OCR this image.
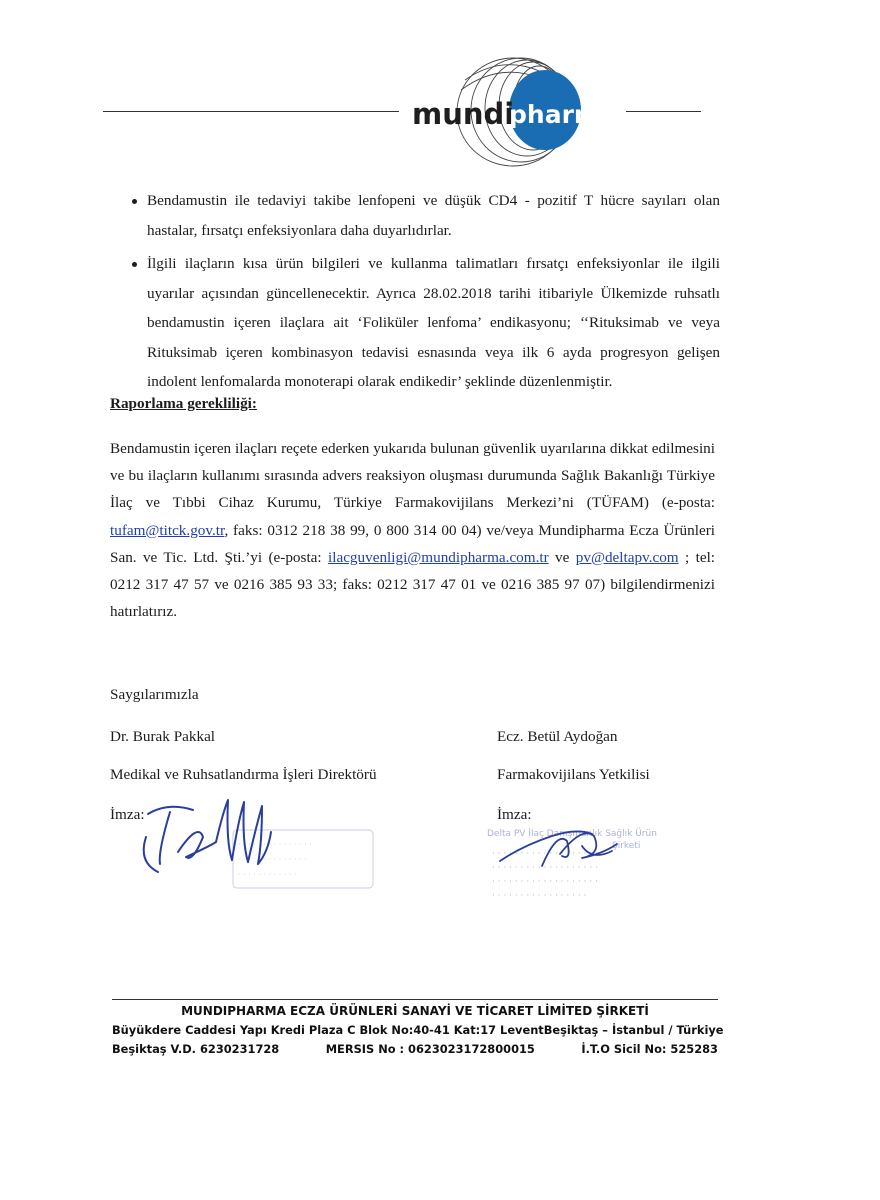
mundi
pharma
Bendamustin ile tedaviyi takibe lenfopeni ve düşük CD4 - pozitif T hücre sayıları olan hastalar, fırsatçı enfeksiyonlara daha duyarlıdırlar.
İlgili ilaçların kısa ürün bilgileri ve kullanma talimatları fırsatçı enfeksiyonlar ile ilgili uyarılar açısından güncellenecektir. Ayrıca 28.02.2018 tarihi itibariyle Ülkemizde ruhsatlı bendamustin içeren ilaçlara ait ‘Foliküler lenfoma’ endikasyonu; ‘‘Rituksimab ve veya Rituksimab içeren kombinasyon tedavisi esnasında veya ilk 6 ayda progresyon gelişen indolent lenfomalarda monoterapi olarak endikedir’ şeklinde düzenlenmiştir.

Raporlama gerekliliği:

Bendamustin içeren ilaçları reçete ederken yukarıda bulunan güvenlik uyarılarına dikkat edilmesini ve bu ilaçların kullanımı sırasında advers reaksiyon oluşması durumunda Sağlık Bakanlığı Türkiye İlaç ve Tıbbi Cihaz Kurumu, Türkiye Farmakovijilans Merkezi’ni (TÜFAM) (e-posta: tufam@titck.gov.tr, faks: 0312 218 38 99, 0 800 314 00 04) ve/veya Mundipharma Ecza Ürünleri San. ve Tic. Ltd. Şti.’yi (e-posta: ilacguvenligi@mundipharma.com.tr ve pv@deltapv.com ; tel: 0212 317 47 57 ve 0216 385 93 33; faks: 0212 317 47 01 ve 0216 385 97 07) bilgilendirmenizi hatırlatırız.

Saygılarımızla

Dr. Burak Pakkal

Medikal ve Ruhsatlandırma İşleri Direktörü

İmza:

Ecz. Betül Aydoğan

Farmakovijilans Yetkilisi

İmza:

· · · · · · · · · · · · · · ·
· · · · · · · · · · · · · ·
· · · · · · · · · · · ·
Delta PV İlaç Danışmanlık Sağlık Ürün
Şirketi
· · · · · · · · · · · · · · · · · · ·
· · · · · · · · · · · · · · · · · · ·
· · · · · · · · · · · · · · · · · · ·
· · · · · · · · · · · · · · · · ·
MUNDIPHARMA ECZA ÜRÜNLERİ SANAYİ VE TİCARET LİMİTED ŞİRKETİ
Büyükdere Caddesi Yapı Kredi Plaza C Blok No:40-41 Kat:17 Levent Beşiktaş – İstanbul / Türkiye
Beşiktaş V.D. 6230231728	MERSIS No : 0623023172800015	İ.T.O Sicil No: 525283
